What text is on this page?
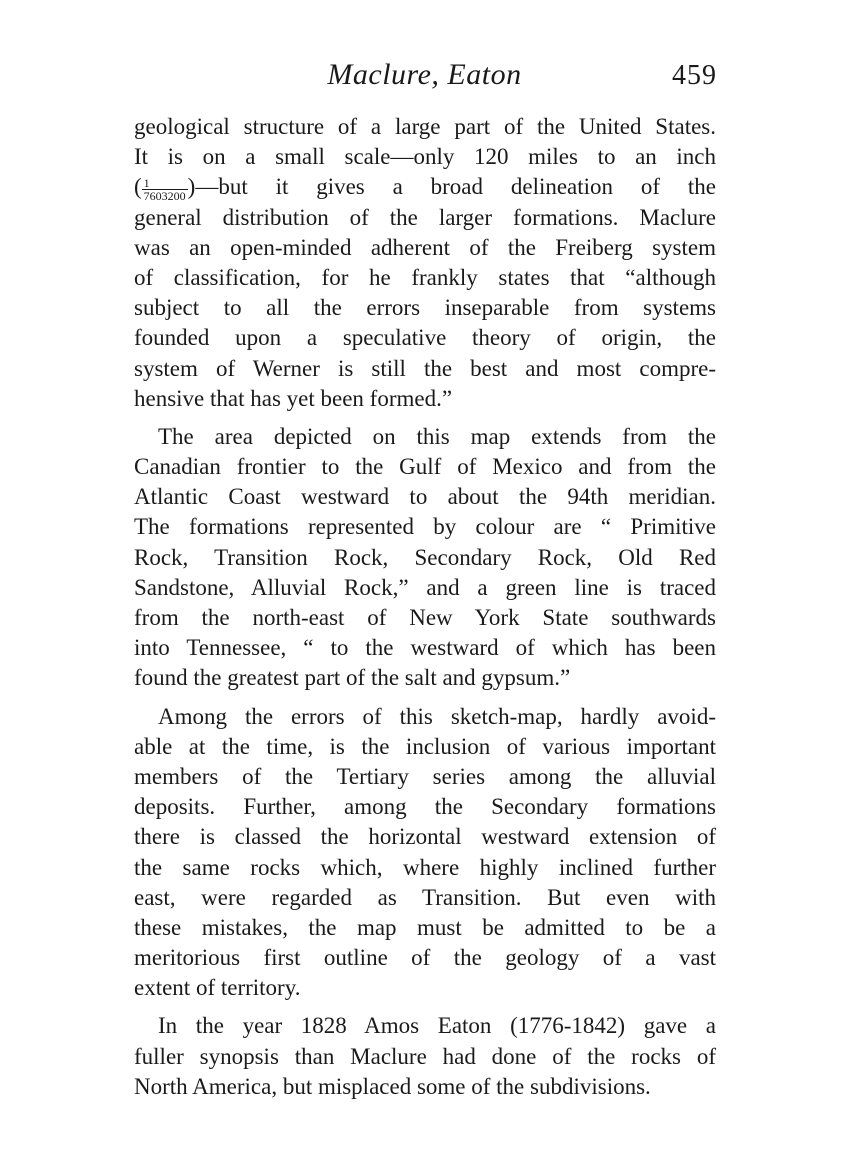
Maclure, Eaton	459
geological structure of a large part of the United States.
It is on a small scale—only 120 miles to an inch
( $\frac{1}{7603200}$ )—but it gives a broad delineation of the
general distribution of the larger formations. Maclure
was an open-minded adherent of the Freiberg system
of classification, for he frankly states that “although
subject to all the errors inseparable from systems
founded upon a speculative theory of origin, the
system of Werner is still the best and most compre-
hensive that has yet been formed.”
The area depicted on this map extends from the
Canadian frontier to the Gulf of Mexico and from the
Atlantic Coast westward to about the 94th meridian.
The formations represented by colour are “ Primitive
Rock, Transition Rock, Secondary Rock, Old Red
Sandstone, Alluvial Rock,” and a green line is traced
from the north-east of New York State southwards
into Tennessee, “ to the westward of which has been
found the greatest part of the salt and gypsum.”
Among the errors of this sketch-map, hardly avoid-
able at the time, is the inclusion of various important
members of the Tertiary series among the alluvial
deposits. Further, among the Secondary formations
there is classed the horizontal westward extension of
the same rocks which, where highly inclined further
east, were regarded as Transition. But even with
these mistakes, the map must be admitted to be a
meritorious first outline of the geology of a vast
extent of territory.
In the year 1828 Amos Eaton (1776-1842) gave a
fuller synopsis than Maclure had done of the rocks of
North America, but misplaced some of the subdivisions.
